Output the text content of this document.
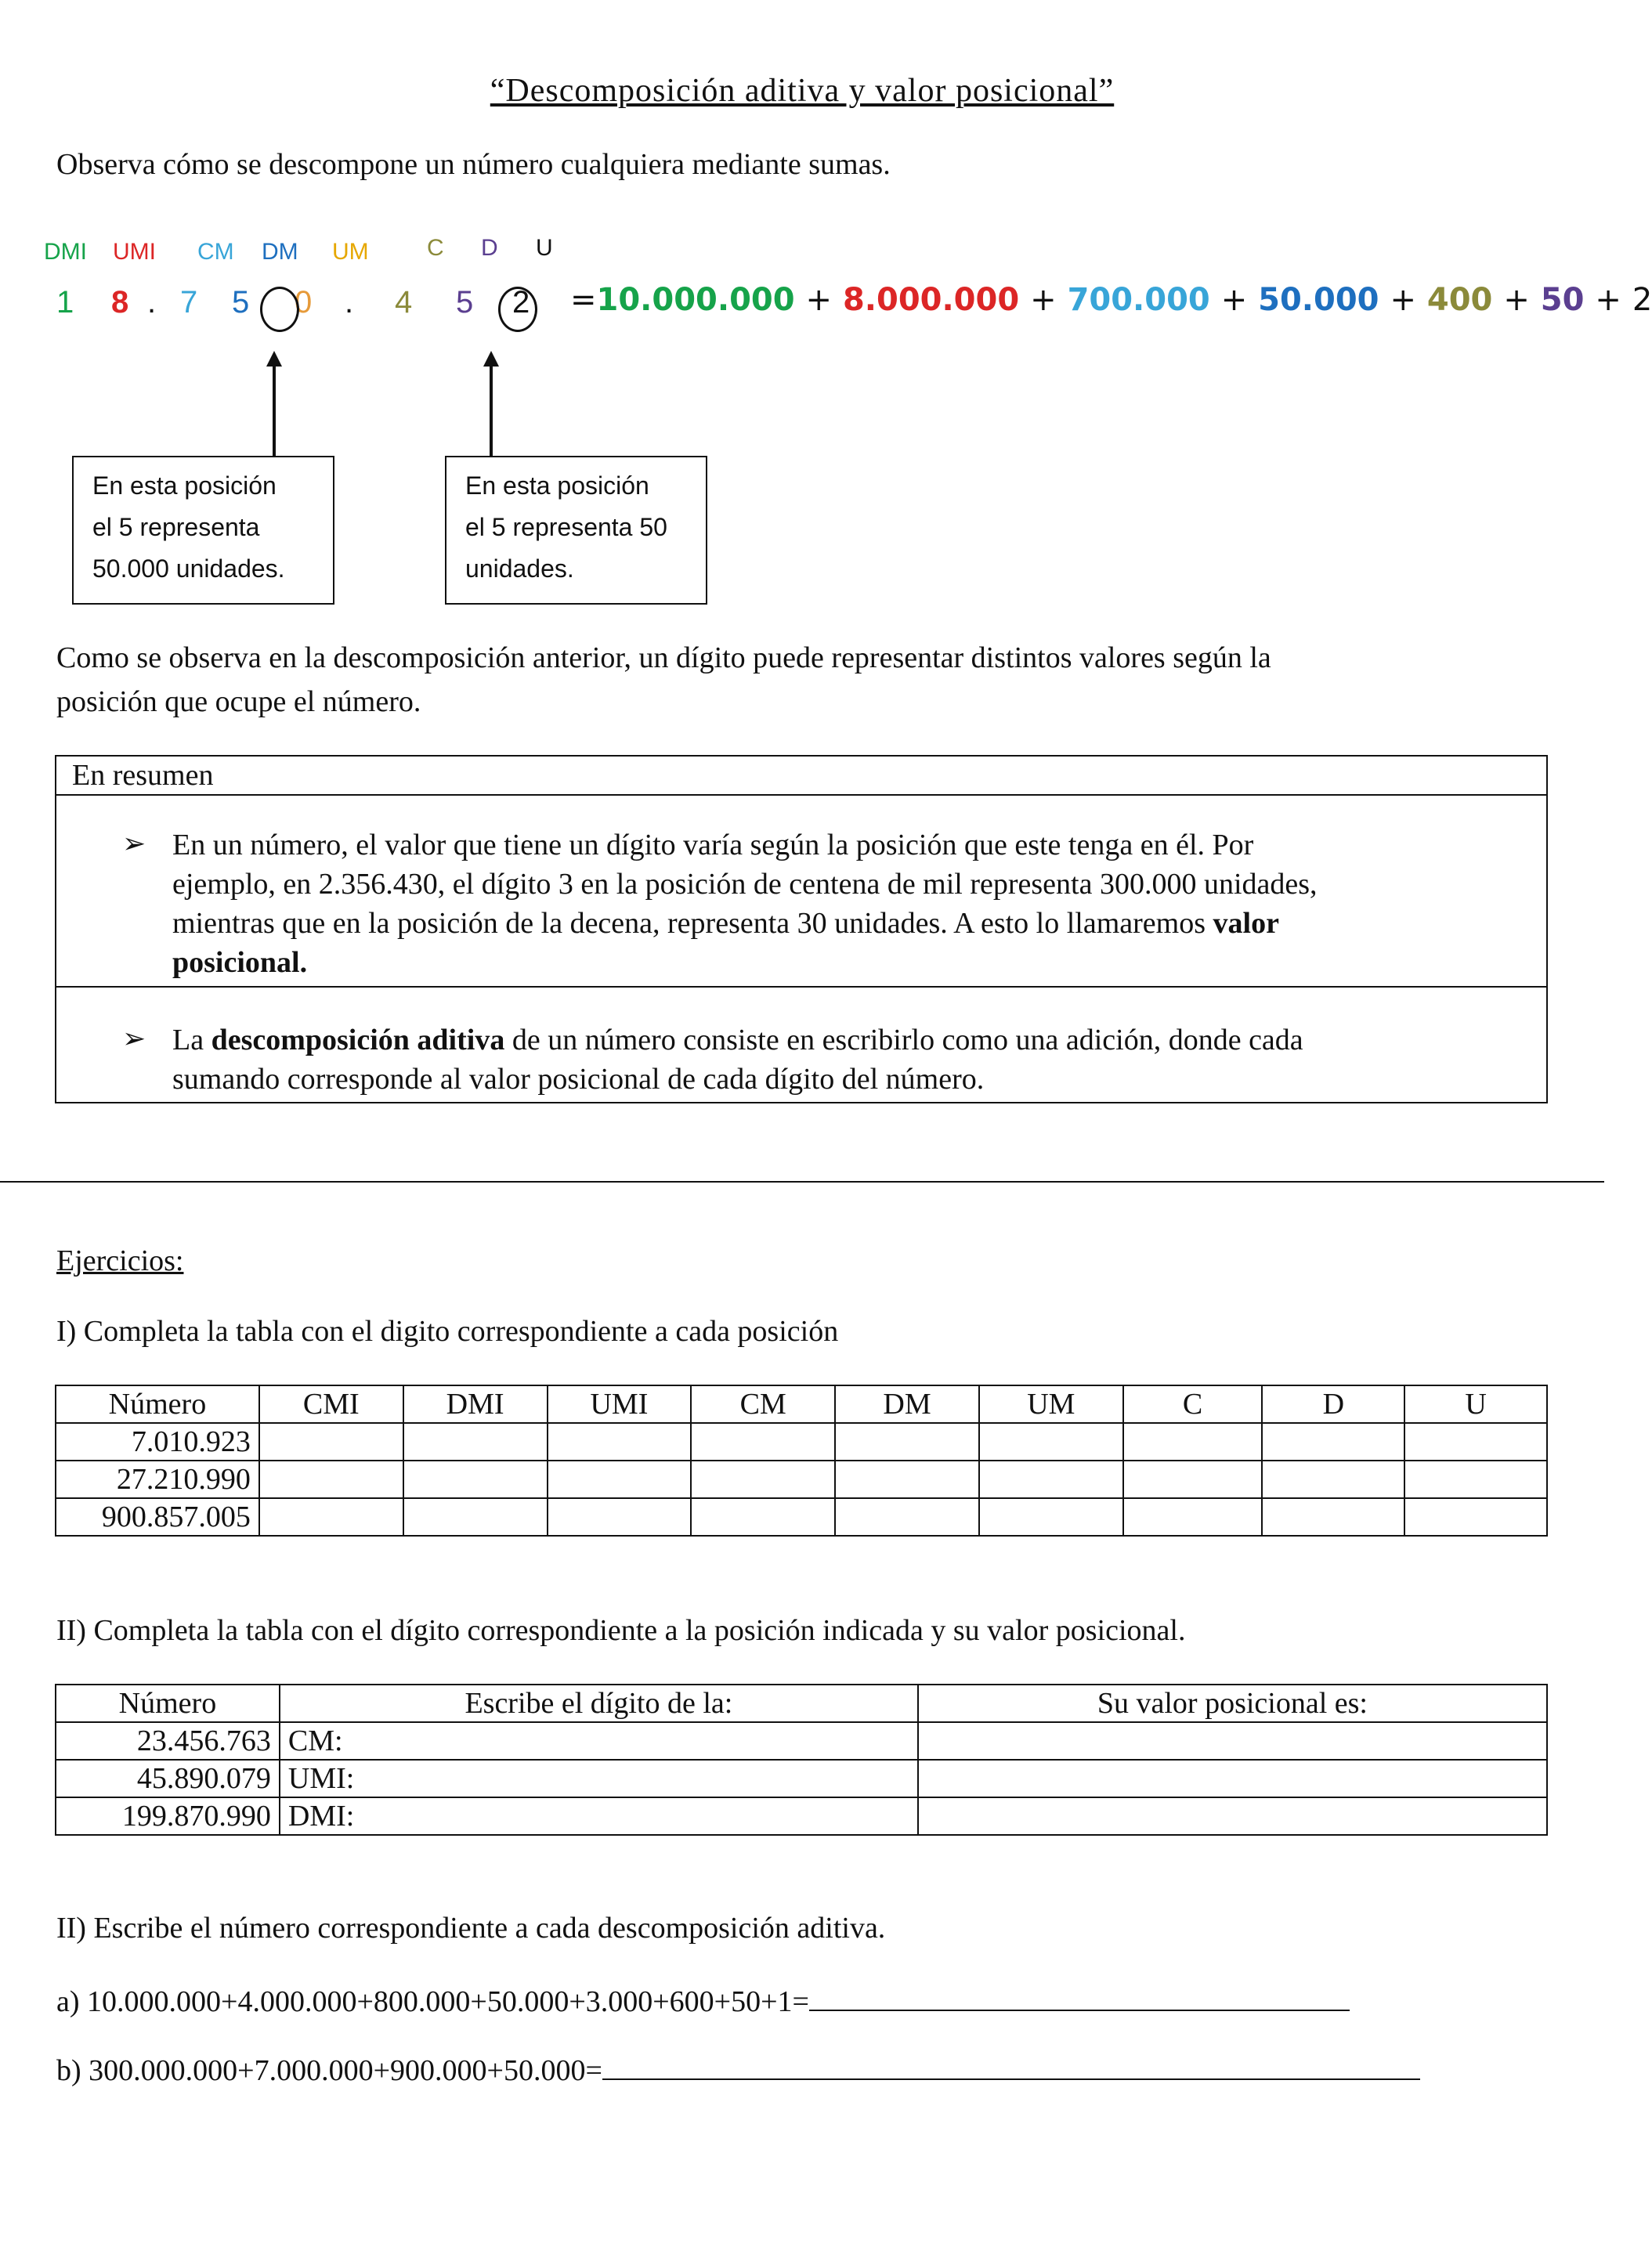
“Descomposición aditiva y valor posicional”
Observa cómo se descompone un número cualquiera mediante sumas.
DMI UMI CM DM UM C D U
1 8 . 7 5 0 . 4 5 2 =10.000.000 + 8.000.000 + 700.000 + 50.000 + 400 + 50 + 2
En esta posición
el 5 representa
50.000 unidades.
En esta posición
el 5 representa 50
unidades.
Como se observa en la descomposición anterior, un dígito puede representar distintos valores según la
posición que ocupe el número.
En resumen
➢ En un número, el valor que tiene un dígito varía según la posición que este tenga en él. Por
ejemplo, en 2.356.430, el dígito 3 en la posición de centena de mil representa 300.000 unidades,
mientras que en la posición de la decena, representa 30 unidades. A esto lo llamaremos valor
posicional.
➢ La descomposición aditiva de un número consiste en escribirlo como una adición, donde cada
sumando corresponde al valor posicional de cada dígito del número.
Ejercicios:
I) Completa la tabla con el digito correspondiente a cada posición
Número	CMI	DMI	UMI	CM	DM	UM	C	D	U
7.010.923									
27.210.990									
900.857.005									
II) Completa la tabla con el dígito correspondiente a la posición indicada y su valor posicional.
Número	Escribe el dígito de la:	Su valor posicional es:
23.456.763	CM:	
45.890.079	UMI:	
199.870.990	DMI:	
II) Escribe el número correspondiente a cada descomposición aditiva.
a) 10.000.000+4.000.000+800.000+50.000+3.000+600+50+1=
b) 300.000.000+7.000.000+900.000+50.000=
